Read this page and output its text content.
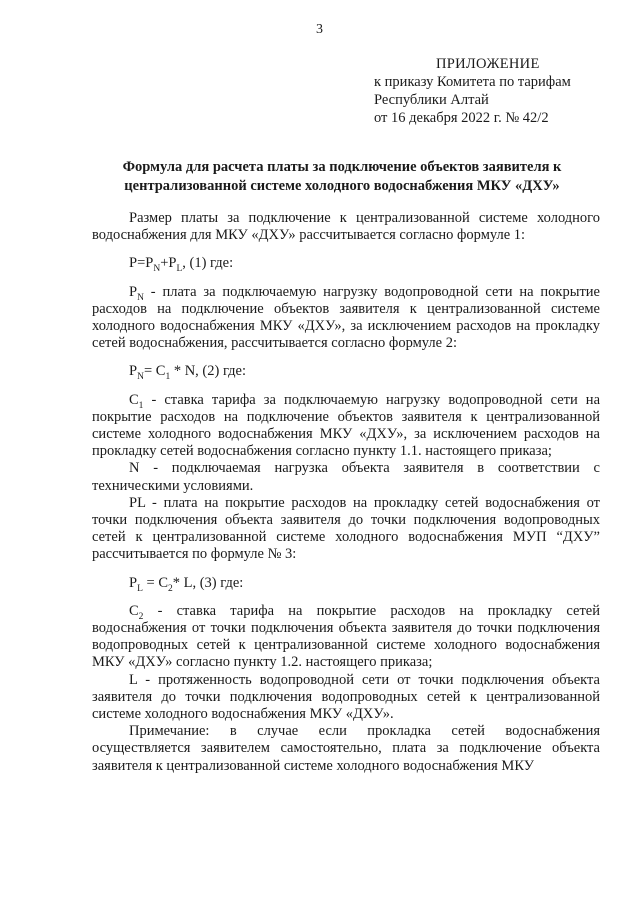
3
ПРИЛОЖЕНИЕ
к приказу Комитета по тарифам
Республики Алтай
от 16 декабря 2022 г. № 42/2
Формула для расчета платы за подключение объектов заявителя к
централизованной системе холодного водоснабжения МКУ «ДХУ»

Размер платы за подключение к централизованной системе холодного водоснабжения для МКУ «ДХУ» рассчитывается согласно формуле 1:

$P=P_N+P_L$, (1) где:

$P_N$ - плата за подключаемую нагрузку водопроводной сети на покрытие расходов на подключение объектов заявителя к централизованной системе холодного водоснабжения МКУ «ДХУ», за исключением расходов на прокладку сетей водоснабжения, рассчитывается согласно формуле 2:

$P_N= C_1 * N$, (2) где:

$C_1$ - ставка тарифа за подключаемую нагрузку водопроводной сети на покрытие расходов на подключение объектов заявителя к централизованной системе холодного водоснабжения МКУ «ДХУ», за исключением расходов на прокладку сетей водоснабжения согласно пункту 1.1. настоящего приказа;

N - подключаемая нагрузка объекта заявителя в соответствии с техническими условиями.

PL - плата на покрытие расходов на прокладку сетей водоснабжения от точки подключения объекта заявителя до точки подключения водопроводных сетей к централизованной системе холодного водоснабжения МУП “ДХУ” рассчитывается по формуле № 3:

$P_L = C_2*$ L, (3) где:

$C_2$ - ставка тарифа на покрытие расходов на прокладку сетей водоснабжения от точки подключения объекта заявителя до точки подключения водопроводных сетей к централизованной системе холодного водоснабжения МКУ «ДХУ» согласно пункту 1.2. настоящего приказа;

L - протяженность водопроводной сети от точки подключения объекта заявителя до точки подключения водопроводных сетей к централизованной системе холодного водоснабжения МКУ «ДХУ».

Примечание: в случае если прокладка сетей водоснабжения осуществляется заявителем самостоятельно, плата за подключение объекта заявителя к централизованной системе холодного водоснабжения МКУ
